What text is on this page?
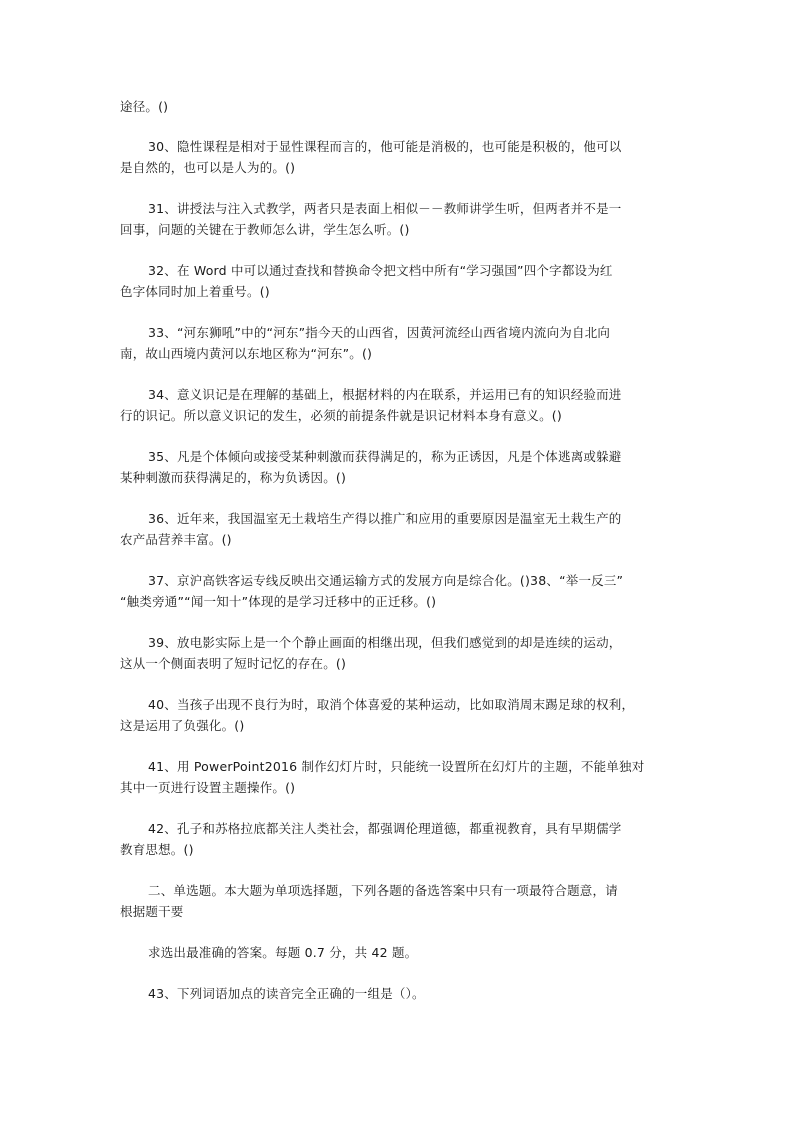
途径。()

30、隐性课程是相对于显性课程而言的，他可能是消极的，也可能是积极的，他可以
是自然的，也可以是人为的。()

31、讲授法与注入式教学，两者只是表面上相似－－教师讲学生听，但两者并不是一
回事，问题的关键在于教师怎么讲，学生怎么听。()

32、在 Word 中可以通过查找和替换命令把文档中所有“学习强国”四个字都设为红
色字体同时加上着重号。()

33、“河东狮吼”中的“河东”指今天的山西省，因黄河流经山西省境内流向为自北向
南，故山西境内黄河以东地区称为“河东”。()

34、意义识记是在理解的基础上，根据材料的内在联系，并运用已有的知识经验而进
行的识记。所以意义识记的发生，必须的前提条件就是识记材料本身有意义。()

35、凡是个体倾向或接受某种刺激而获得满足的，称为正诱因，凡是个体逃离或躲避
某种刺激而获得满足的，称为负诱因。()

36、近年来，我国温室无土栽培生产得以推广和应用的重要原因是温室无土栽生产的
农产品营养丰富。()

37、京沪高铁客运专线反映出交通运输方式的发展方向是综合化。()38、“举一反三”
“触类旁通”“闻一知十”体现的是学习迁移中的正迁移。()

39、放电影实际上是一个个静止画面的相继出现，但我们感觉到的却是连续的运动，
这从一个侧面表明了短时记忆的存在。()

40、当孩子出现不良行为时，取消个体喜爱的某种运动，比如取消周末踢足球的权利，
这是运用了负强化。()

41、用 PowerPoint2016 制作幻灯片时，只能统一设置所在幻灯片的主题，不能单独对
其中一页进行设置主题操作。()

42、孔子和苏格拉底都关注人类社会，都强调伦理道德，都重视教育，具有早期儒学
教育思想。()

二、单选题。本大题为单项选择题，下列各题的备选答案中只有一项最符合题意，请
根据题干要

求选出最准确的答案。每题 0.7 分，共 42 题。

43、下列词语加点的读音完全正确的一组是（）。
